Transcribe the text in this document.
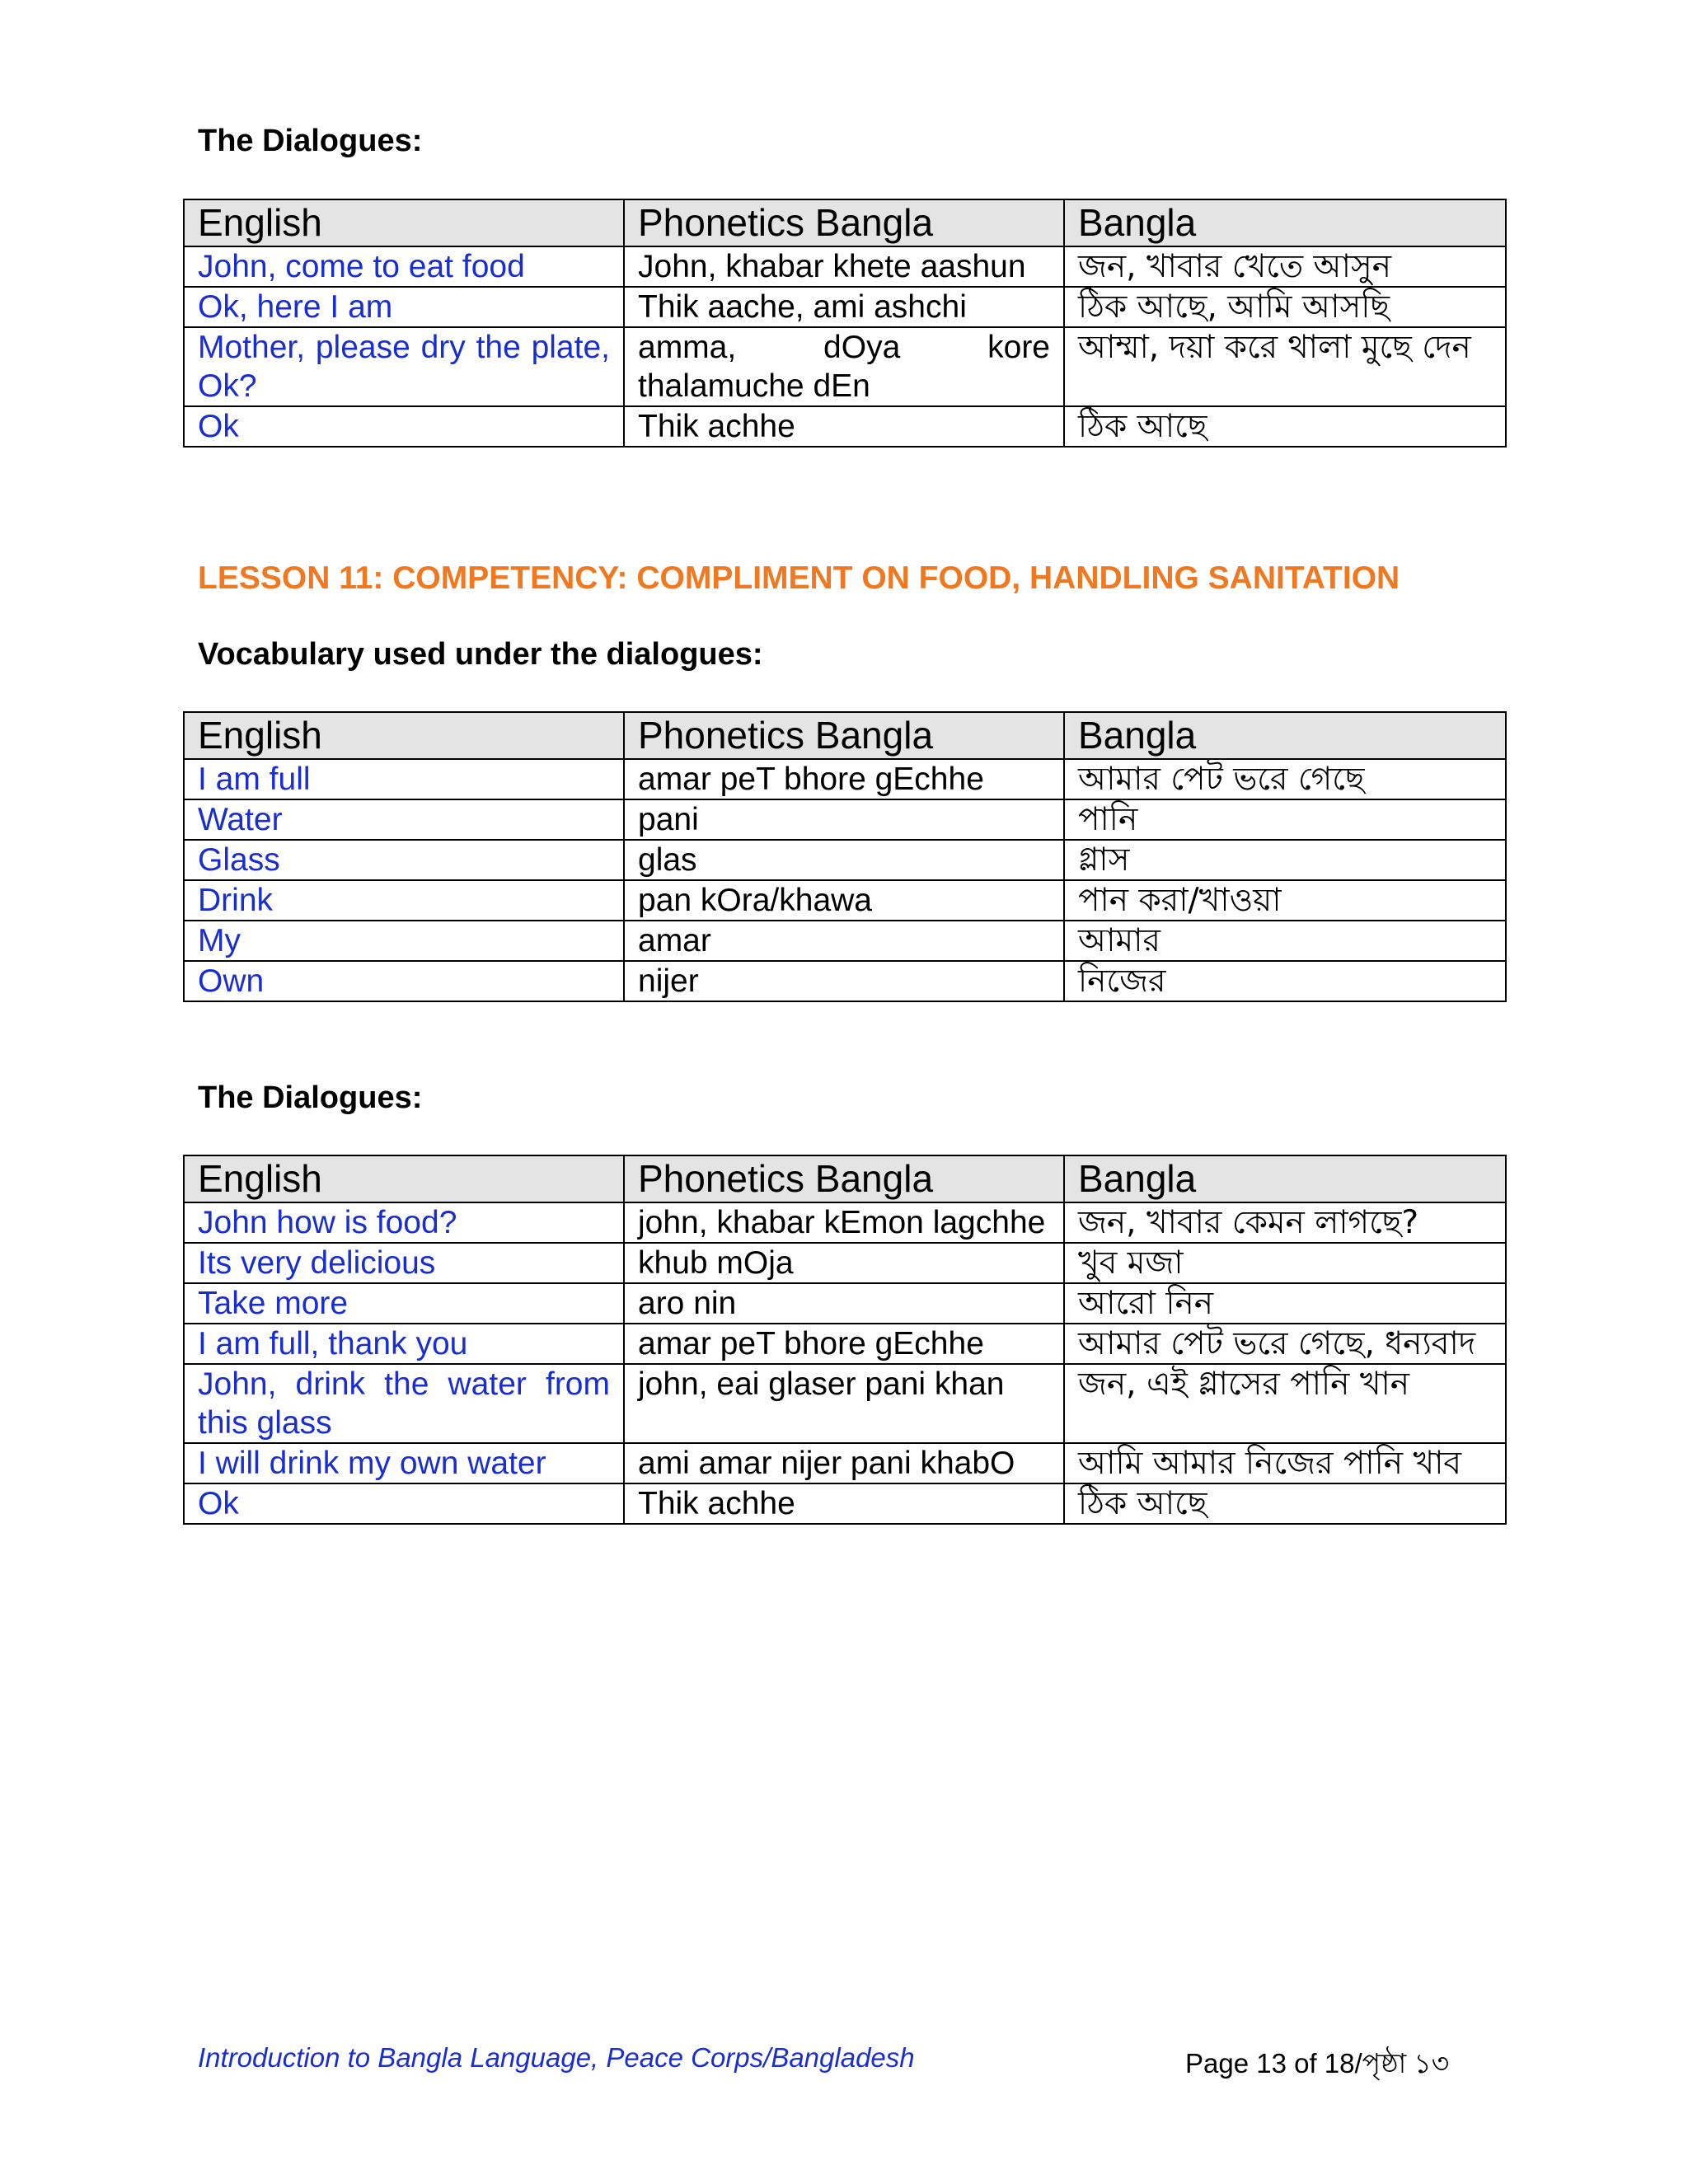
The Dialogues:

English	Phonetics Bangla	Bangla
John, come to eat food	John, khabar khete aashun	জন, খাবার খেতে আসুন
Ok, here I am	Thik aache, ami ashchi	ঠিক আছে, আমি আসছি
Mother, please dry the plate, Ok?	amma, dOya kore thalamuche dEn	আম্মা, দয়া করে থালা মুছে দেন
Ok	Thik achhe	ঠিক আছে

LESSON 11: COMPETENCY: COMPLIMENT ON FOOD, HANDLING SANITATION

Vocabulary used under the dialogues:

English	Phonetics Bangla	Bangla
I am full	amar peT bhore gEchhe	আমার পেট ভরে গেছে
Water	pani	পানি
Glass	glas	গ্লাস
Drink	pan kOra/khawa	পান করা/খাওয়া
My	amar	আমার
Own	nijer	নিজের

The Dialogues:

English	Phonetics Bangla	Bangla
John how is food?	john, khabar kEmon lagchhe	জন, খাবার কেমন লাগছে?
Its very delicious	khub mOja	খুব মজা
Take more	aro nin	আরো নিন
I am full, thank you	amar peT bhore gEchhe	আমার পেট ভরে গেছে, ধন্যবাদ
John, drink the water from this glass	john, eai glaser pani khan	জন, এই গ্লাসের পানি খান
I will drink my own water	ami amar nijer pani khabO	আমি আমার নিজের পানি খাব
Ok	Thik achhe	ঠিক আছে

Introduction to Bangla Language, Peace Corps/Bangladesh	Page 13 of 18/পৃষ্ঠা ১৩
